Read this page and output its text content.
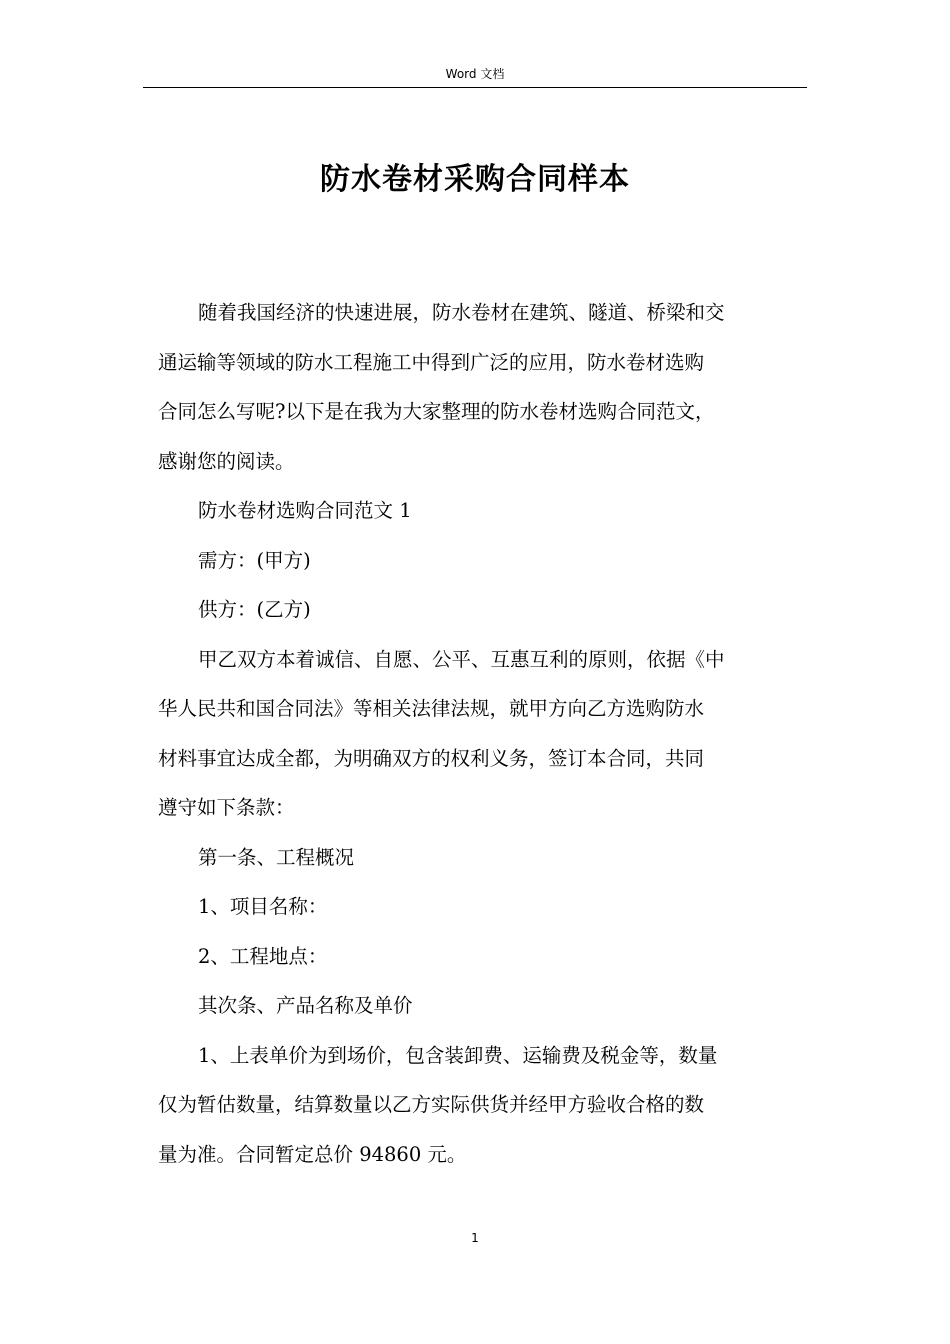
Word 文档
防水卷材采购合同样本

随着我国经济的快速进展，防水卷材在建筑、隧道、桥梁和交
通运输等领域的防水工程施工中得到广泛的应用，防水卷材选购
合同怎么写呢?以下是在我为大家整理的防水卷材选购合同范文，
感谢您的阅读。

防水卷材选购合同范文 1

需方：(甲方)

供方：(乙方)

甲乙双方本着诚信、自愿、公平、互惠互利的原则，依据《中
华人民共和国合同法》等相关法律法规，就甲方向乙方选购防水
材料事宜达成全都，为明确双方的权利义务，签订本合同，共同
遵守如下条款：

第一条、工程概况

1、项目名称：

2、工程地点：

其次条、产品名称及单价

1、上表单价为到场价，包含装卸费、运输费及税金等，数量
仅为暂估数量，结算数量以乙方实际供货并经甲方验收合格的数
量为准。合同暂定总价 94860 元。

1
